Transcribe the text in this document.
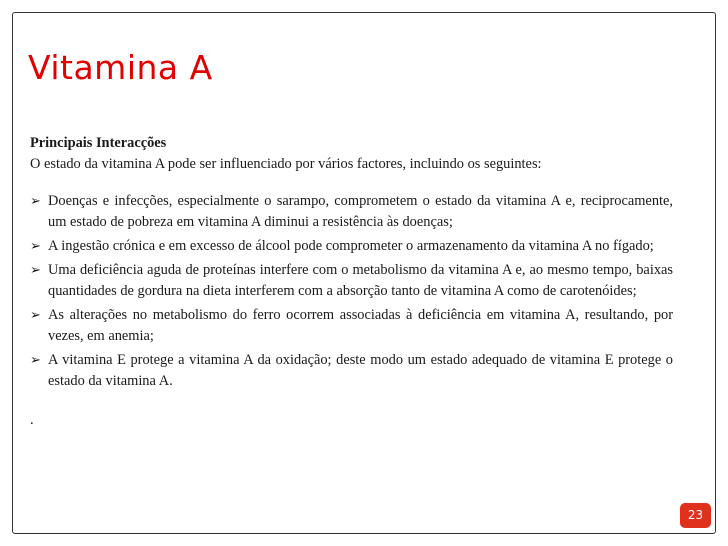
Vitamina A

Principais Interacções

O estado da vitamina A pode ser influenciado por vários factores, incluindo os seguintes:

➢ Doenças e infecções, especialmente o sarampo, comprometem o estado da vitamina A e, reciprocamente, um estado de pobreza em vitamina A diminui a resistência às doenças;
➢ A ingestão crónica e em excesso de álcool pode comprometer o armazenamento da vitamina A no fígado;
➢ Uma deficiência aguda de proteínas interfere com o metabolismo da vitamina A e, ao mesmo tempo, baixas quantidades de gordura na dieta interferem com a absorção tanto de vitamina A como de carotenóides;
➢ As alterações no metabolismo do ferro ocorrem associadas à deficiência em vitamina A, resultando, por vezes, em anemia;
➢ A vitamina E protege a vitamina A da oxidação; deste modo um estado adequado de vitamina E protege o estado da vitamina A.

.

23
